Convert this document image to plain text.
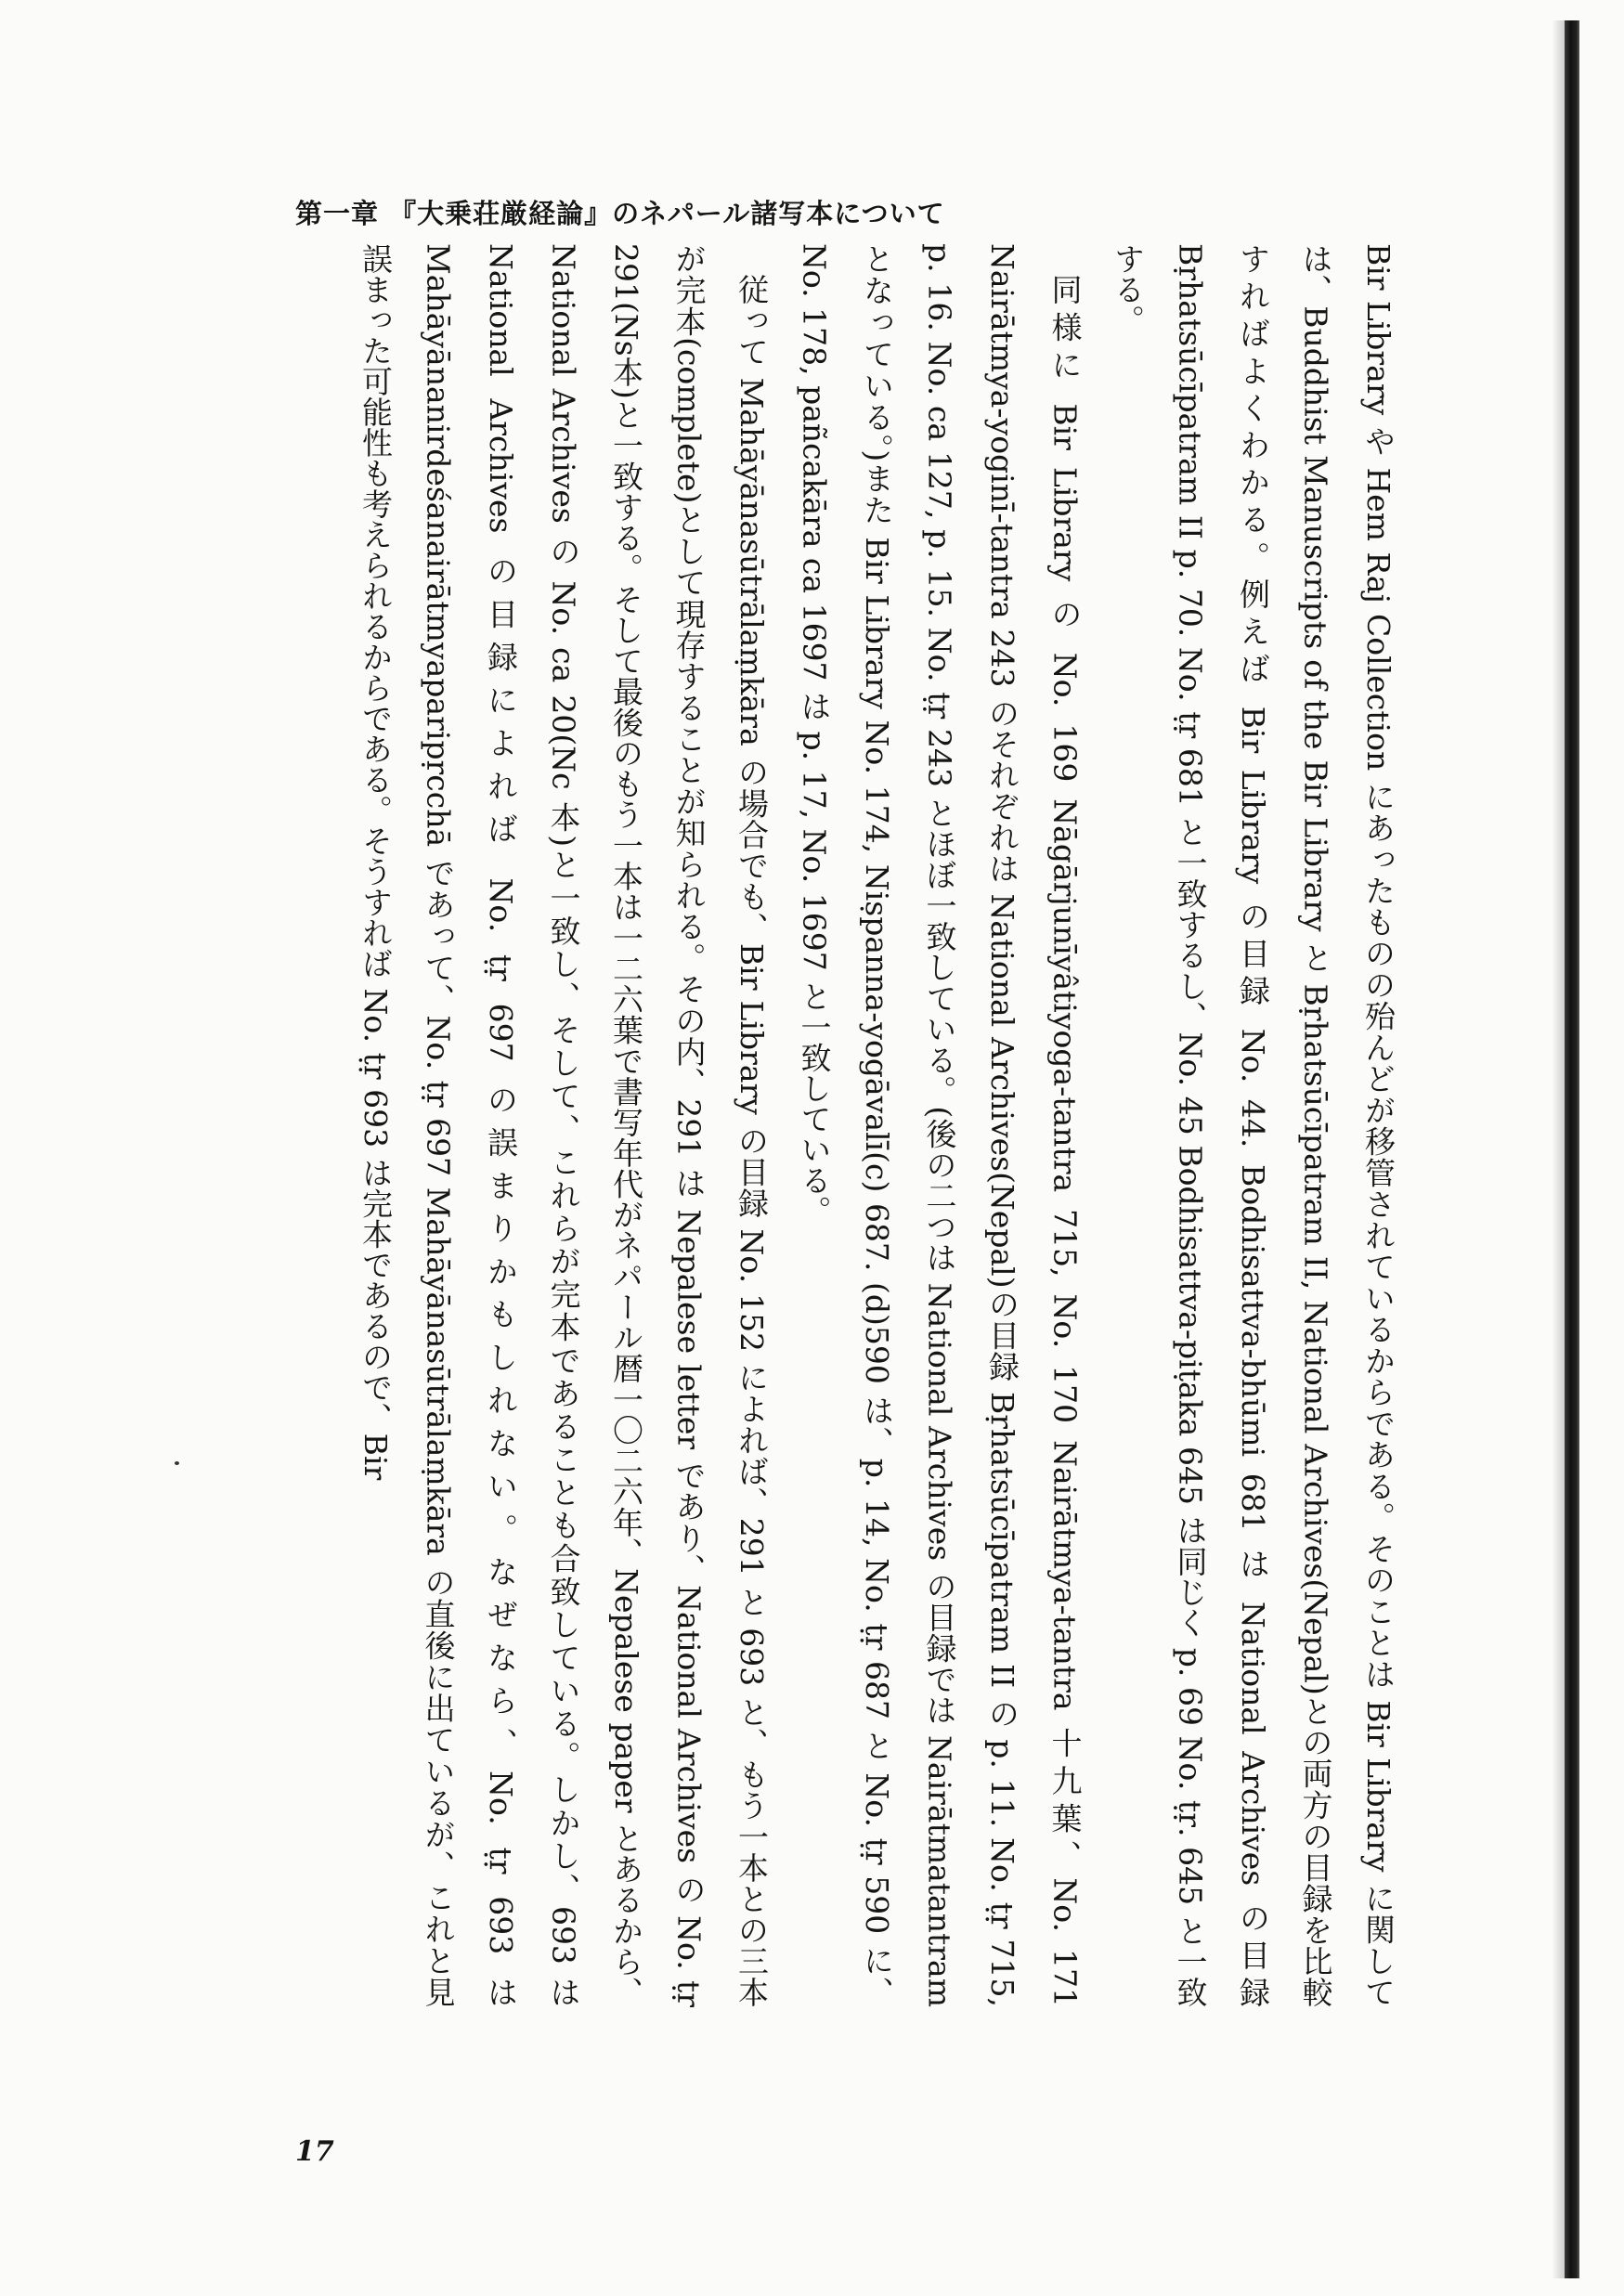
第一章 『大乗荘厳経論』のネパール諸写本について

Bir Library や Hem Raj Collection にあったものの殆んどが移管されているからである。そのことは Bir Library に関しては、Buddhist Manuscripts of the Bir Library と Bṛhatsūcīpatram II, National Archives(Nepal)との両方の目録を比較すればよくわかる。例えば Bir Library の目録 No. 44. Bodhisattva-bhūmi 681 は National Archives の目録 Bṛhatsūcīpatram II p. 70. No. ṭṛ 681 と一致するし、No. 45 Bodhisattva-piṭaka 645 は同じく p. 69 No. ṭṛ. 645 と一致する。

同様に Bir Library の No. 169 Nāgārjunīyâtiyoga-tantra 715, No. 170 Nairātmya-tantra 十九葉、No. 171 Nairātmya-yoginī-tantra 243 のそれぞれは National Archives(Nepal)の目録 Bṛhatsūcīpatram II の p. 11. No. ṭṛ 715, p. 16. No. ca 127, p. 15. No. ṭṛ 243 とほぼ一致している。(後の二つは National Archives の目録では Nairātmatantram となっている。)また Bir Library No. 174, Niṣpanna-yogāvalī(c) 687. (d)590 は、p. 14, No. ṭṛ 687 と No. ṭṛ 590 に、No. 178, pañcakāra ca 1697 は p. 17, No. 1697 と一致している。

従って Mahāyānasūtrālaṃkāra の場合でも、Bir Library の目録 No. 152 によれば、291 と 693 と、もう一本との三本が完本(complete)として現存することが知られる。その内、291 は Nepalese letter であり、National Archives の No. ṭṛ 291(Ns本)と一致する。そして最後のもう一本は一二六葉で書写年代がネパール暦一〇二六年、Nepalese paper とあるから、National Archives の No. ca 20(Nc 本)と一致し、そして、これらが完本であることも合致している。しかし、693 は National Archives の目録によれば No. ṭṛ 697 の誤まりかもしれない。なぜなら、No. ṭṛ 693 は Mahāyānanirdeśanairātmyaparipṛcchā であって、No. ṭṛ 697 Mahāyānasūtrālaṃkāra の直後に出ているが、これと見誤まった可能性も考えられるからである。そうすれば No. ṭṛ 693 は完本であるので、Bir

17
